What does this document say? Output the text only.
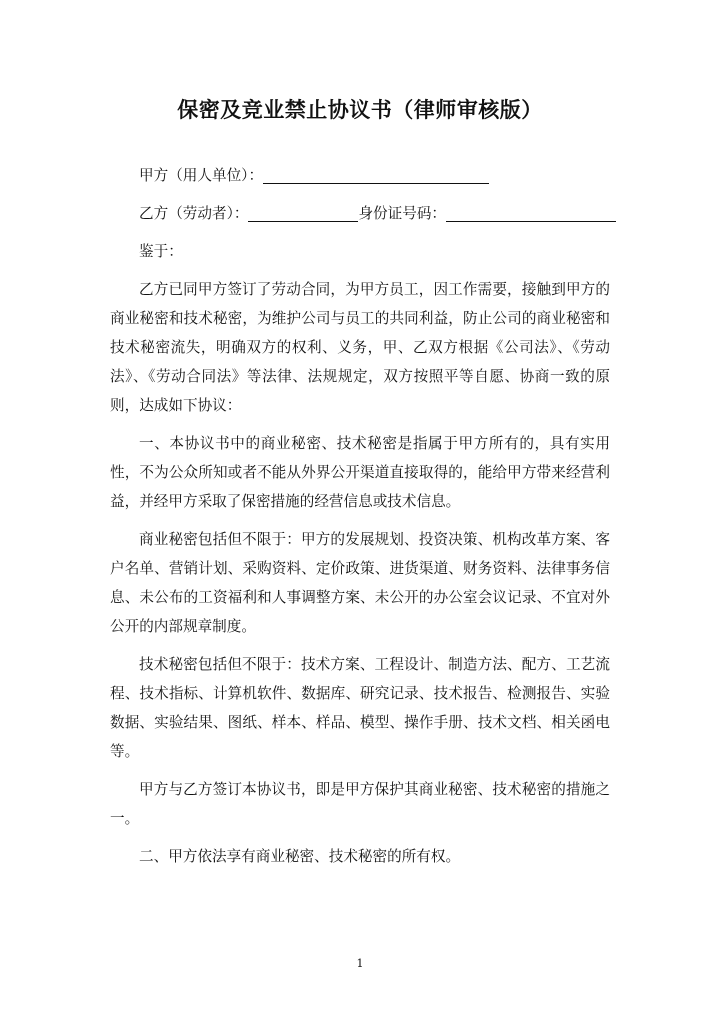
保密及竞业禁止协议书（律师审核版）
甲方（用人单位）：
乙方（劳动者）：	身份证号码：

鉴于：

乙方已同甲方签订了劳动合同，为甲方员工，因工作需要，接触到甲方的商业秘密和技术秘密，为维护公司与员工的共同利益，防止公司的商业秘密和技术秘密流失，明确双方的权利、义务，甲、乙双方根据《公司法》、《劳动法》、《劳动合同法》等法律、法规规定，双方按照平等自愿、协商一致的原则，达成如下协议：

一、本协议书中的商业秘密、技术秘密是指属于甲方所有的，具有实用性，不为公众所知或者不能从外界公开渠道直接取得的，能给甲方带来经营利益，并经甲方采取了保密措施的经营信息或技术信息。

商业秘密包括但不限于：甲方的发展规划、投资决策、机构改革方案、客户名单、营销计划、采购资料、定价政策、进货渠道、财务资料、法律事务信息、未公布的工资福利和人事调整方案、未公开的办公室会议记录、不宜对外公开的内部规章制度。

技术秘密包括但不限于：技术方案、工程设计、制造方法、配方、工艺流程、技术指标、计算机软件、数据库、研究记录、技术报告、检测报告、实验数据、实验结果、图纸、样本、样品、模型、操作手册、技术文档、相关函电等。

甲方与乙方签订本协议书，即是甲方保护其商业秘密、技术秘密的措施之一。

二、甲方依法享有商业秘密、技术秘密的所有权。

1
